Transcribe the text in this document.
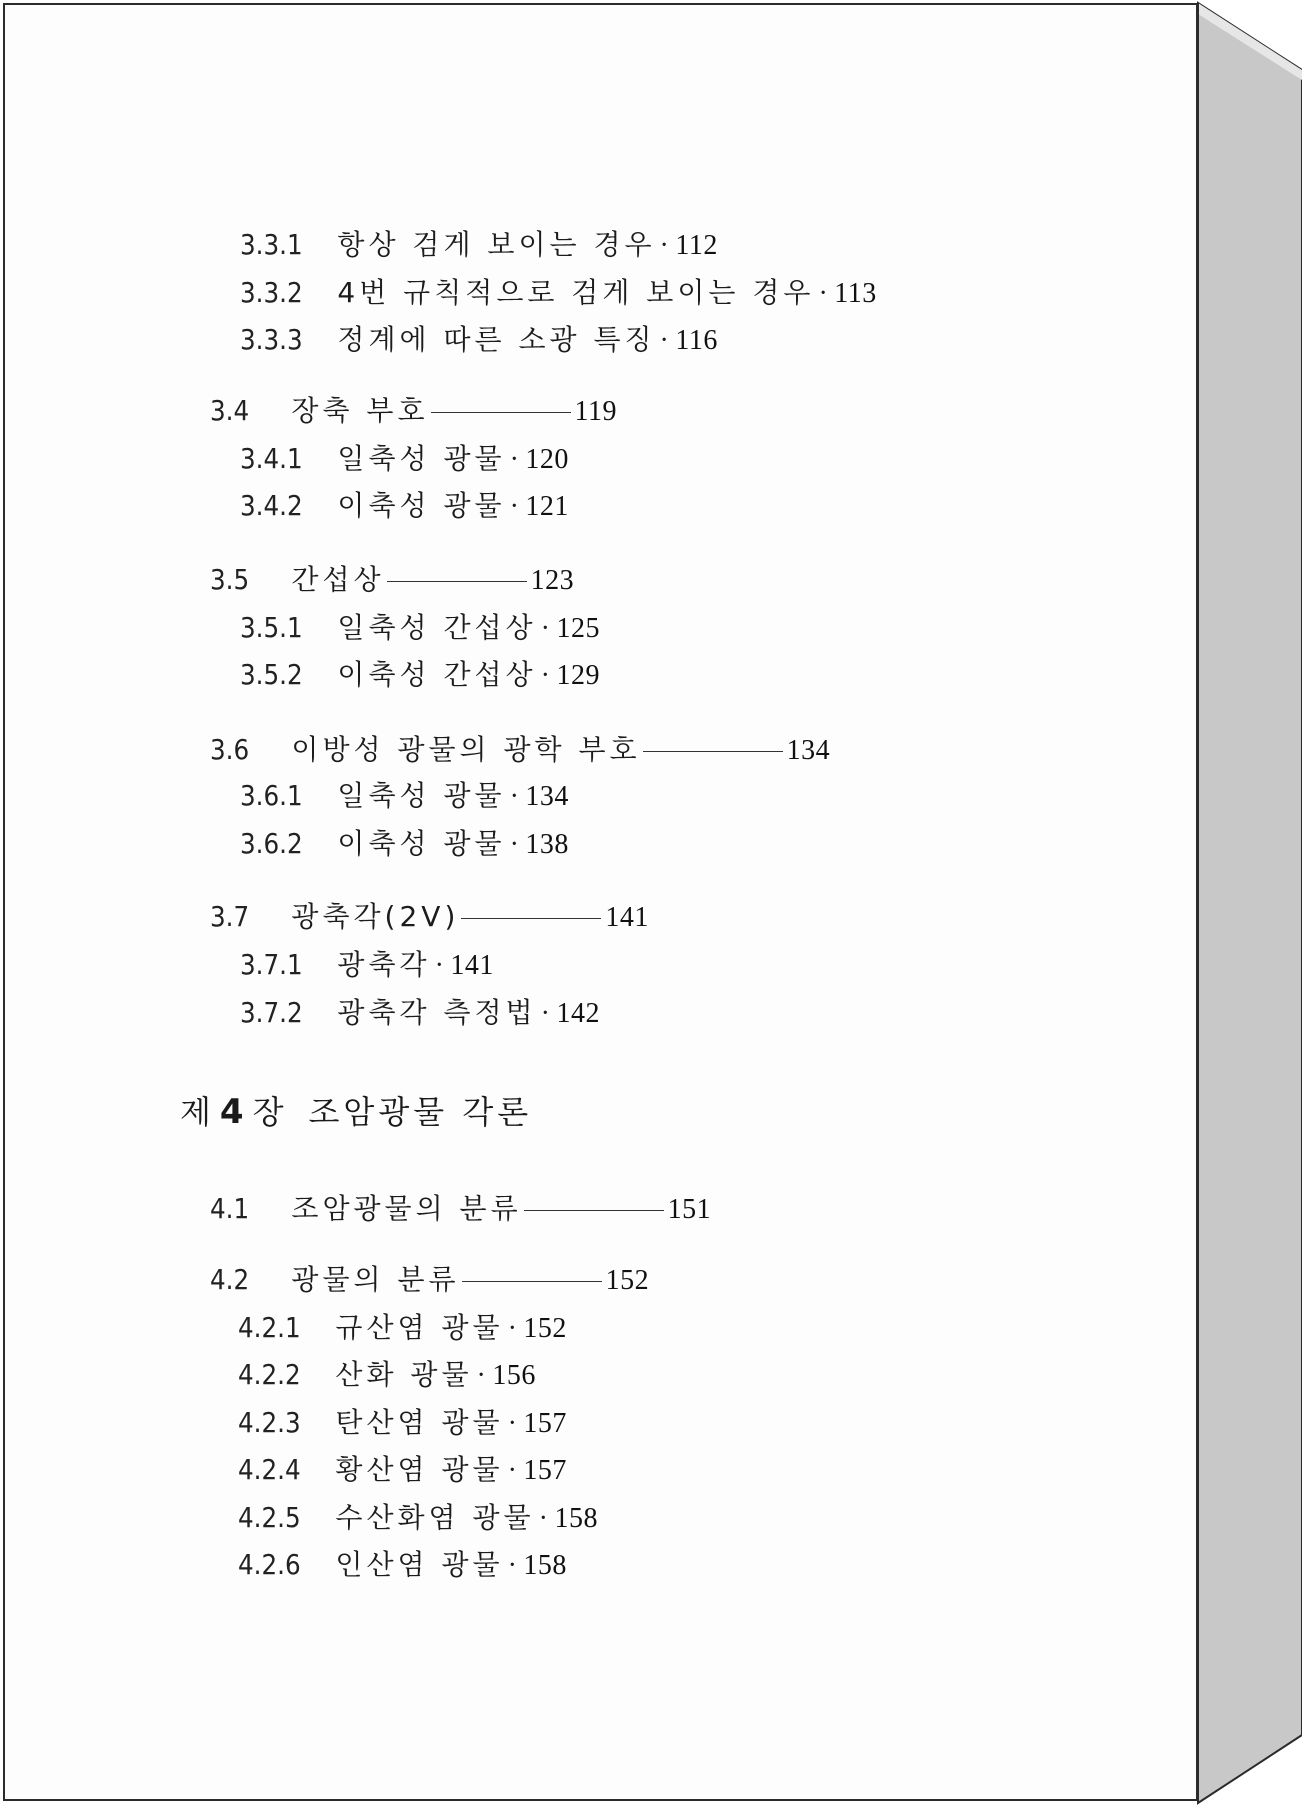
3.3.1 항상 검게 보이는 경우 · 112
3.3.2 4번 규칙적으로 검게 보이는 경우 · 113
3.3.3 정계에 따른 소광 특징 · 116
3.4 장축 부호	119
3.4.1 일축성 광물 · 120
3.4.2 이축성 광물 · 121
3.5 간섭상	123
3.5.1 일축성 간섭상 · 125
3.5.2 이축성 간섭상 · 129
3.6 이방성 광물의 광학 부호	134
3.6.1 일축성 광물 · 134
3.6.2 이축성 광물 · 138
3.7 광축각(2V)	141
3.7.1 광축각 · 141
3.7.2 광축각 측정법 · 142
제 4 장 조암광물 각론
4.1 조암광물의 분류	151
4.2 광물의 분류	152
4.2.1 규산염 광물 · 152
4.2.2 산화 광물 · 156
4.2.3 탄산염 광물 · 157
4.2.4 황산염 광물 · 157
4.2.5 수산화염 광물 · 158
4.2.6 인산염 광물 · 158
